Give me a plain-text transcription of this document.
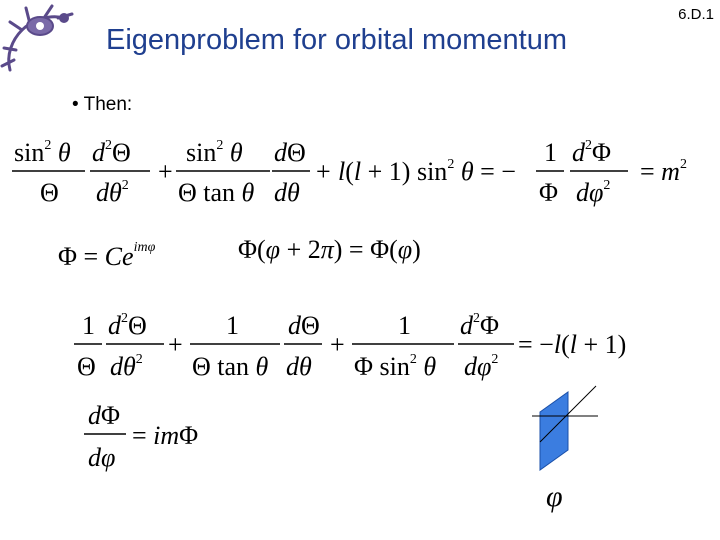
Eigenproblem for orbital momentum
6.D.1
• Then:
$\sin^2 \theta$
Θ
$d^2\Theta$
$d\theta^2$ +
$\sin^2 \theta$
Θ tan θ
dΘ
dθ
+ l(l + 1) $\sin^2 \theta$ = −
1
Φ
$d^2\Phi$
$d\varphi^2 = m^2$
$\Phi = Ce^{im\varphi}$	Φ(φ + 2π) = Φ(φ)
1
Θ
$d^2\Theta$
$d\theta^2$
+
1
Θ tan θ
dΘ
dθ
+
1
Φ $\sin^2 \theta$
$d^2\Phi$
$d\varphi^2$
= −l(l + 1)
dΦ
dφ
= imΦ
φ
